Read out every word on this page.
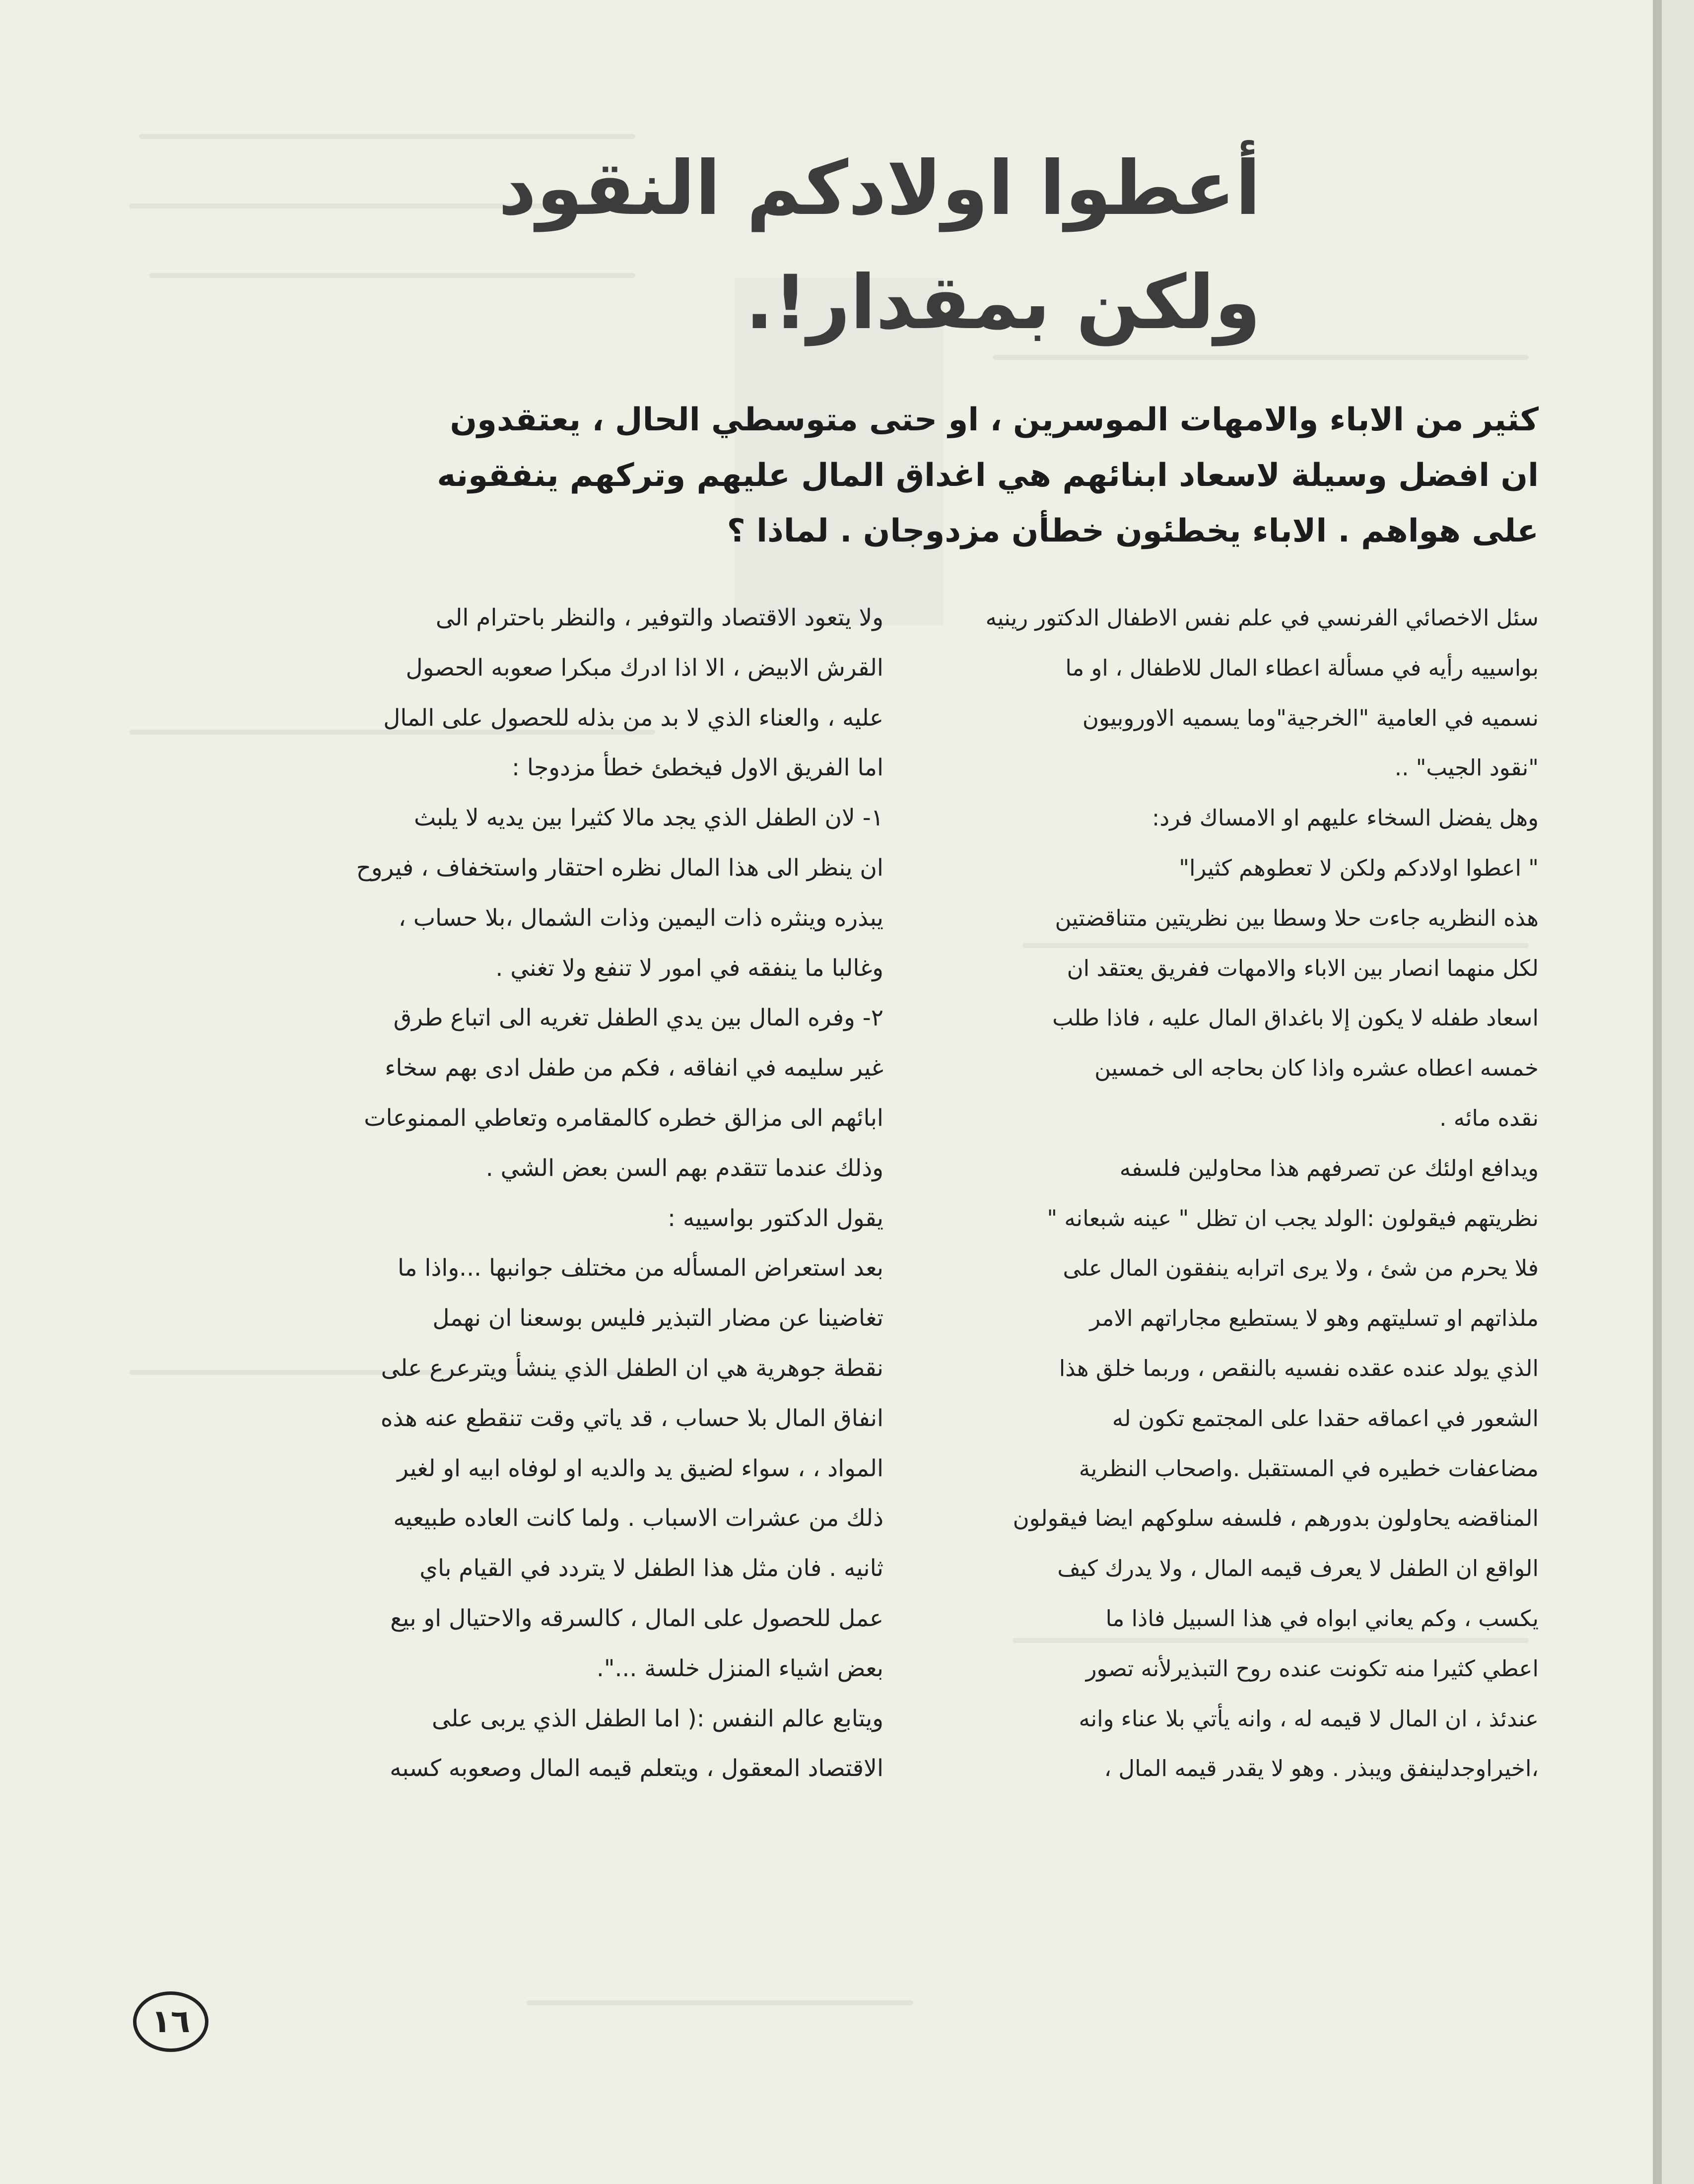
أعطوا اولادكم النقود
ولكن بمقدار!.

كثير من الاباء والامهات الموسرين ، او حتى متوسطي الحال ، يعتقدون ان افضل وسيلة لاسعاد ابنائهم هي اغداق المال عليهم وتركهم ينفقونه على هواهم . الاباء يخطئون خطأن مزدوجان . لماذا ؟

سئل الاخصائي الفرنسي في علم نفس الاطفال الدكتور رينيه

بواسييه رأيه في مسألة اعطاء المال للاطفال ، او ما

نسميه في العامية "الخرجية"وما يسميه الاوروبيون

"نقود الجيب" ..

وهل يفضل السخاء عليهم او الامساك فرد:

" اعطوا اولادكم ولكن لا تعطوهم كثيرا"

هذه النظريه جاءت حلا وسطا بين نظريتين متناقضتين

لكل منهما انصار بين الاباء والامهات ففريق يعتقد ان

اسعاد طفله لا يكون إلا باغداق المال عليه ، فاذا طلب

خمسه اعطاه عشره واذا كان بحاجه الى خمسين

نقده مائه .

ويدافع اولئك عن تصرفهم هذا محاولين فلسفه

نظريتهم فيقولون :الولد يجب ان تظل " عينه شبعانه "

فلا يحرم من شئ ، ولا يرى اترابه ينفقون المال على

ملذاتهم او تسليتهم وهو لا يستطيع مجاراتهم الامر

الذي يولد عنده عقده نفسيه بالنقص ، وربما خلق هذا

الشعور في اعماقه حقدا على المجتمع تكون له

مضاعفات خطيره في المستقبل .واصحاب النظرية

المناقضه يحاولون بدورهم ، فلسفه سلوكهم ايضا فيقولون

الواقع ان الطفل لا يعرف قيمه المال ، ولا يدرك كيف

يكسب ، وكم يعاني ابواه في هذا السبيل فاذا ما

اعطي كثيرا منه تكونت عنده روح التبذيرلأنه تصور

عندئذ ، ان المال لا قيمه له ، وانه يأتي بلا عناء وانه

،اخيراوجدلينفق ويبذر . وهو لا يقدر قيمه المال ،

ولا يتعود الاقتصاد والتوفير ، والنظر باحترام الى

القرش الابيض ، الا اذا ادرك مبكرا صعوبه الحصول

عليه ، والعناء الذي لا بد من بذله للحصول على المال

اما الفريق الاول فيخطئ خطأ مزدوجا :

١- لان الطفل الذي يجد مالا كثيرا بين يديه لا يلبث

ان ينظر الى هذا المال نظره احتقار واستخفاف ، فيروح

يبذره وينثره ذات اليمين وذات الشمال ،بلا حساب ،

وغالبا ما ينفقه في امور لا تنفع ولا تغني .

٢- وفره المال بين يدي الطفل تغريه الى اتباع طرق

غير سليمه في انفاقه ، فكم من طفل ادى بهم سخاء

ابائهم الى مزالق خطره كالمقامره وتعاطي الممنوعات

وذلك عندما تتقدم بهم السن بعض الشي .

يقول الدكتور بواسييه :

بعد استعراض المسأله من مختلف جوانبها ...واذا ما

تغاضينا عن مضار التبذير فليس بوسعنا ان نهمل

نقطة جوهرية هي ان الطفل الذي ينشأ ويترعرع على

انفاق المال بلا حساب ، قد ياتي وقت تنقطع عنه هذه

المواد ، ، سواء لضيق يد والديه او لوفاه ابيه او لغير

ذلك من عشرات الاسباب . ولما كانت العاده طبيعيه

ثانيه . فان مثل هذا الطفل لا يتردد في القيام باي

عمل للحصول على المال ، كالسرقه والاحتيال او بيع

بعض اشياء المنزل خلسة ...".

ويتابع عالم النفس :( اما الطفل الذي يربى على

الاقتصاد المعقول ، ويتعلم قيمه المال وصعوبه كسبه

١٦
